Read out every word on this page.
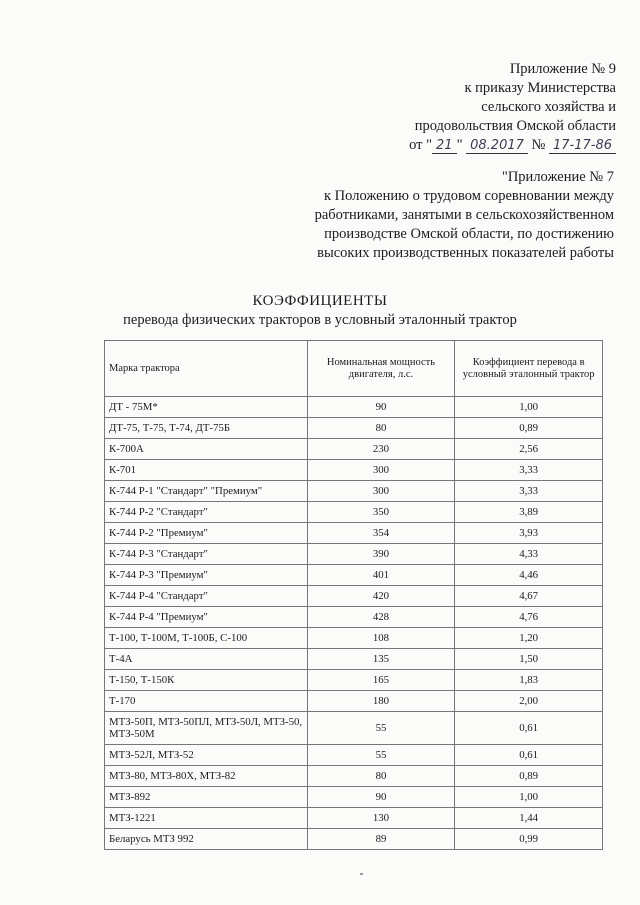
Приложение № 9
к приказу Министерства
сельского хозяйства и
продовольствия Омской области
от " 21 " 08.2017 № 17-17-86
"Приложение № 7
к Положению о трудовом соревновании между
работниками, занятыми в сельскохозяйственном
производстве Омской области, по достижению
высоких производственных показателей работы
КОЭФФИЦИЕНТЫ
перевода физических тракторов в условный эталонный трактор
Марка трактора	Номинальная мощность двигателя, л.с.	Коэффициент перевода в условный эталонный трактор
ДТ - 75М*	90	1,00
ДТ-75, Т-75, Т-74, ДТ-75Б	80	0,89
К-700А	230	2,56
К-701	300	3,33
К-744 Р-1 "Стандарт" "Премиум"	300	3,33
К-744 Р-2 "Стандарт"	350	3,89
К-744 Р-2 "Премиум"	354	3,93
К-744 Р-3 "Стандарт"	390	4,33
К-744 Р-3 "Премиум"	401	4,46
К-744 Р-4 "Стандарт"	420	4,67
К-744 Р-4 "Премиум"	428	4,76
Т-100, Т-100М, Т-100Б, С-100	108	1,20
Т-4А	135	1,50
Т-150, Т-150К	165	1,83
Т-170	180	2,00
МТЗ-50П, МТЗ-50ПЛ, МТЗ-50Л, МТЗ-50, МТЗ-50М	55	0,61
МТЗ-52Л, МТЗ-52	55	0,61
МТЗ-80, МТЗ-80Х, МТЗ-82	80	0,89
МТЗ-892	90	1,00
МТЗ-1221	130	1,44
Беларусь МТЗ 992	89	0,99
